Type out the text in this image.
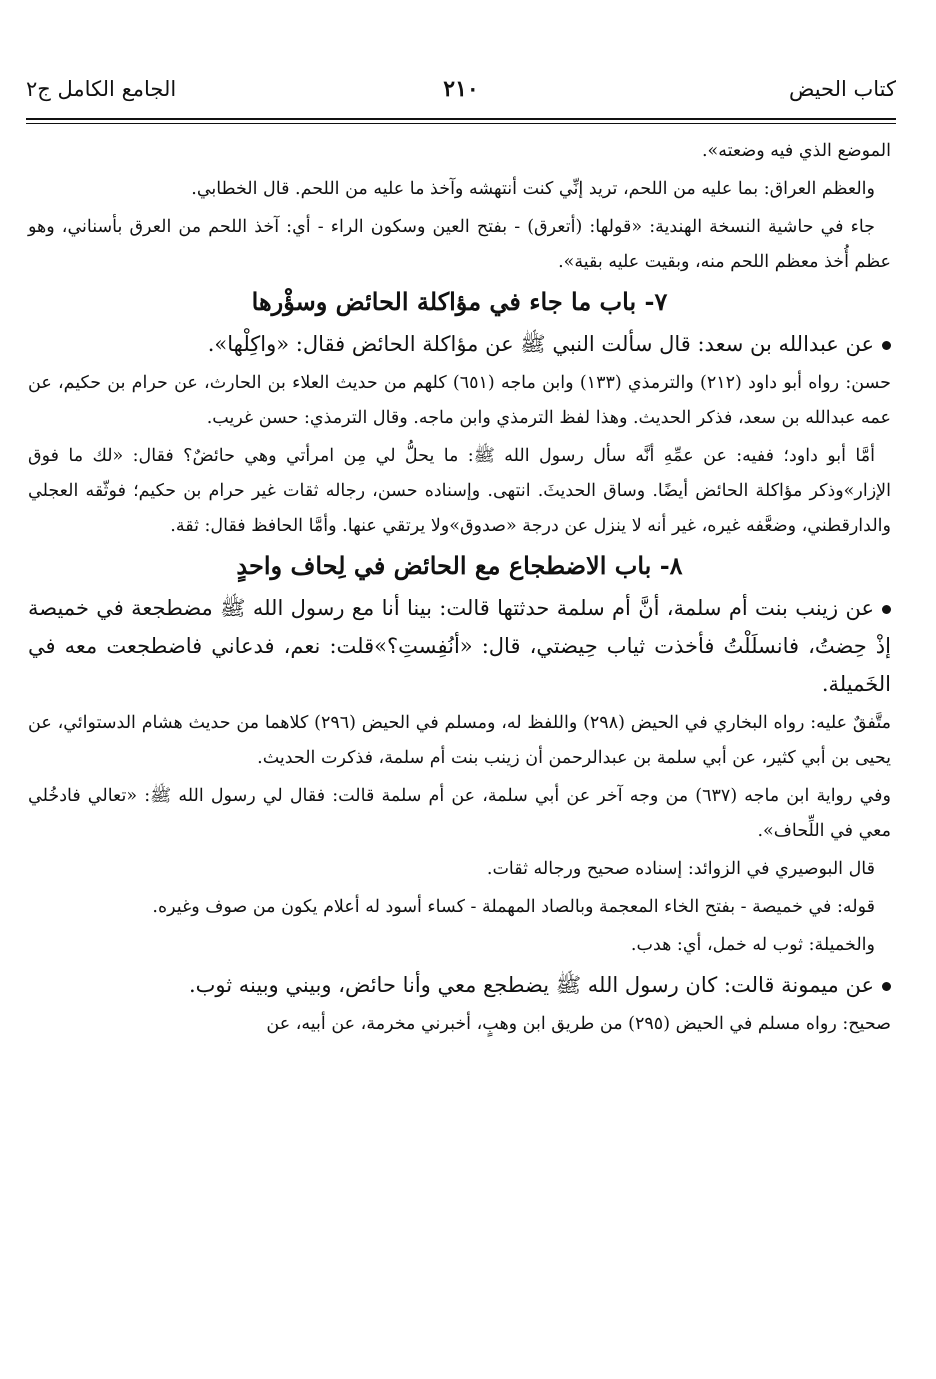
كتاب الحيض
٢١٠
الجامع الكامل ج٢

الموضع الذي فيه وضعته».

والعظم العراق: بما عليه من اللحم، تريد إنِّي كنت أنتهشه وآخذ ما عليه من اللحم. قال الخطابي.

جاء في حاشية النسخة الهندية: «قولها: (أتعرق) - بفتح العين وسكون الراء - أي: آخذ اللحم من العرق بأسناني، وهو عظم أُخذ معظم اللحم منه، وبقيت عليه بقية».

٧- باب ما جاء في مؤاكلة الحائض وسؤْرها

عن عبدالله بن سعد: قال سألت النبي ﷺ عن مؤاكلة الحائض فقال: «واكِلْها».

حسن: رواه أبو داود (٢١٢) والترمذي (١٣٣) وابن ماجه (٦٥١) كلهم من حديث العلاء بن الحارث، عن حرام بن حكيم، عن عمه عبدالله بن سعد، فذكر الحديث. وهذا لفظ الترمذي وابن ماجه. وقال الترمذي: حسن غريب.

أمَّا أبو داود؛ ففيه: عن عمِّهِ أنَّه سأل رسول الله ﷺ: ما يحلُّ لي مِن امرأتي وهي حائضٌ؟ فقال: «لك ما فوق الإزار»وذكر مؤاكلة الحائض أيضًا. وساق الحديثَ. انتهى. وإسناده حسن، رجاله ثقات غير حرام بن حكيم؛ فوثّقه العجلي والدارقطني، وضعَّفه غيره، غير أنه لا ينزل عن درجة «صدوق»ولا يرتقي عنها. وأمَّا الحافظ فقال: ثقة.

٨- باب الاضطجاع مع الحائض في لِحاف واحدٍ

عن زينب بنت أم سلمة، أنَّ أم سلمة حدثتها قالت: بينا أنا مع رسول الله ﷺ مضطجعة في خميصة إذْ حِضتُ، فانسلَلْتُ فأخذت ثياب حِيضتي، قال: «أنُفِستِ؟»قلت: نعم، فدعاني فاضطجعت معه في الخَميلة.

متَّفقٌ عليه: رواه البخاري في الحيض (٢٩٨) واللفظ له، ومسلم في الحيض (٢٩٦) كلاهما من حديث هشام الدستوائي، عن يحيى بن أبي كثير، عن أبي سلمة بن عبدالرحمن أن زينب بنت أم سلمة، فذكرت الحديث.

وفي رواية ابن ماجه (٦٣٧) من وجه آخر عن أبي سلمة، عن أم سلمة قالت: فقال لي رسول الله ﷺ: «تعالي فادخُلي معي في اللِّحاف».

قال البوصيري في الزوائد: إسناده صحيح ورجاله ثقات.

قوله: في خميصة - بفتح الخاء المعجمة وبالصاد المهملة - كساء أسود له أعلام يكون من صوف وغيره.

والخميلة: ثوب له خمل، أي: هدب.

عن ميمونة قالت: كان رسول الله ﷺ يضطجع معي وأنا حائض، وبيني وبينه ثوب.

صحيح: رواه مسلم في الحيض (٢٩٥) من طريق ابن وهبٍ، أخبرني مخرمة، عن أبيه، عن
